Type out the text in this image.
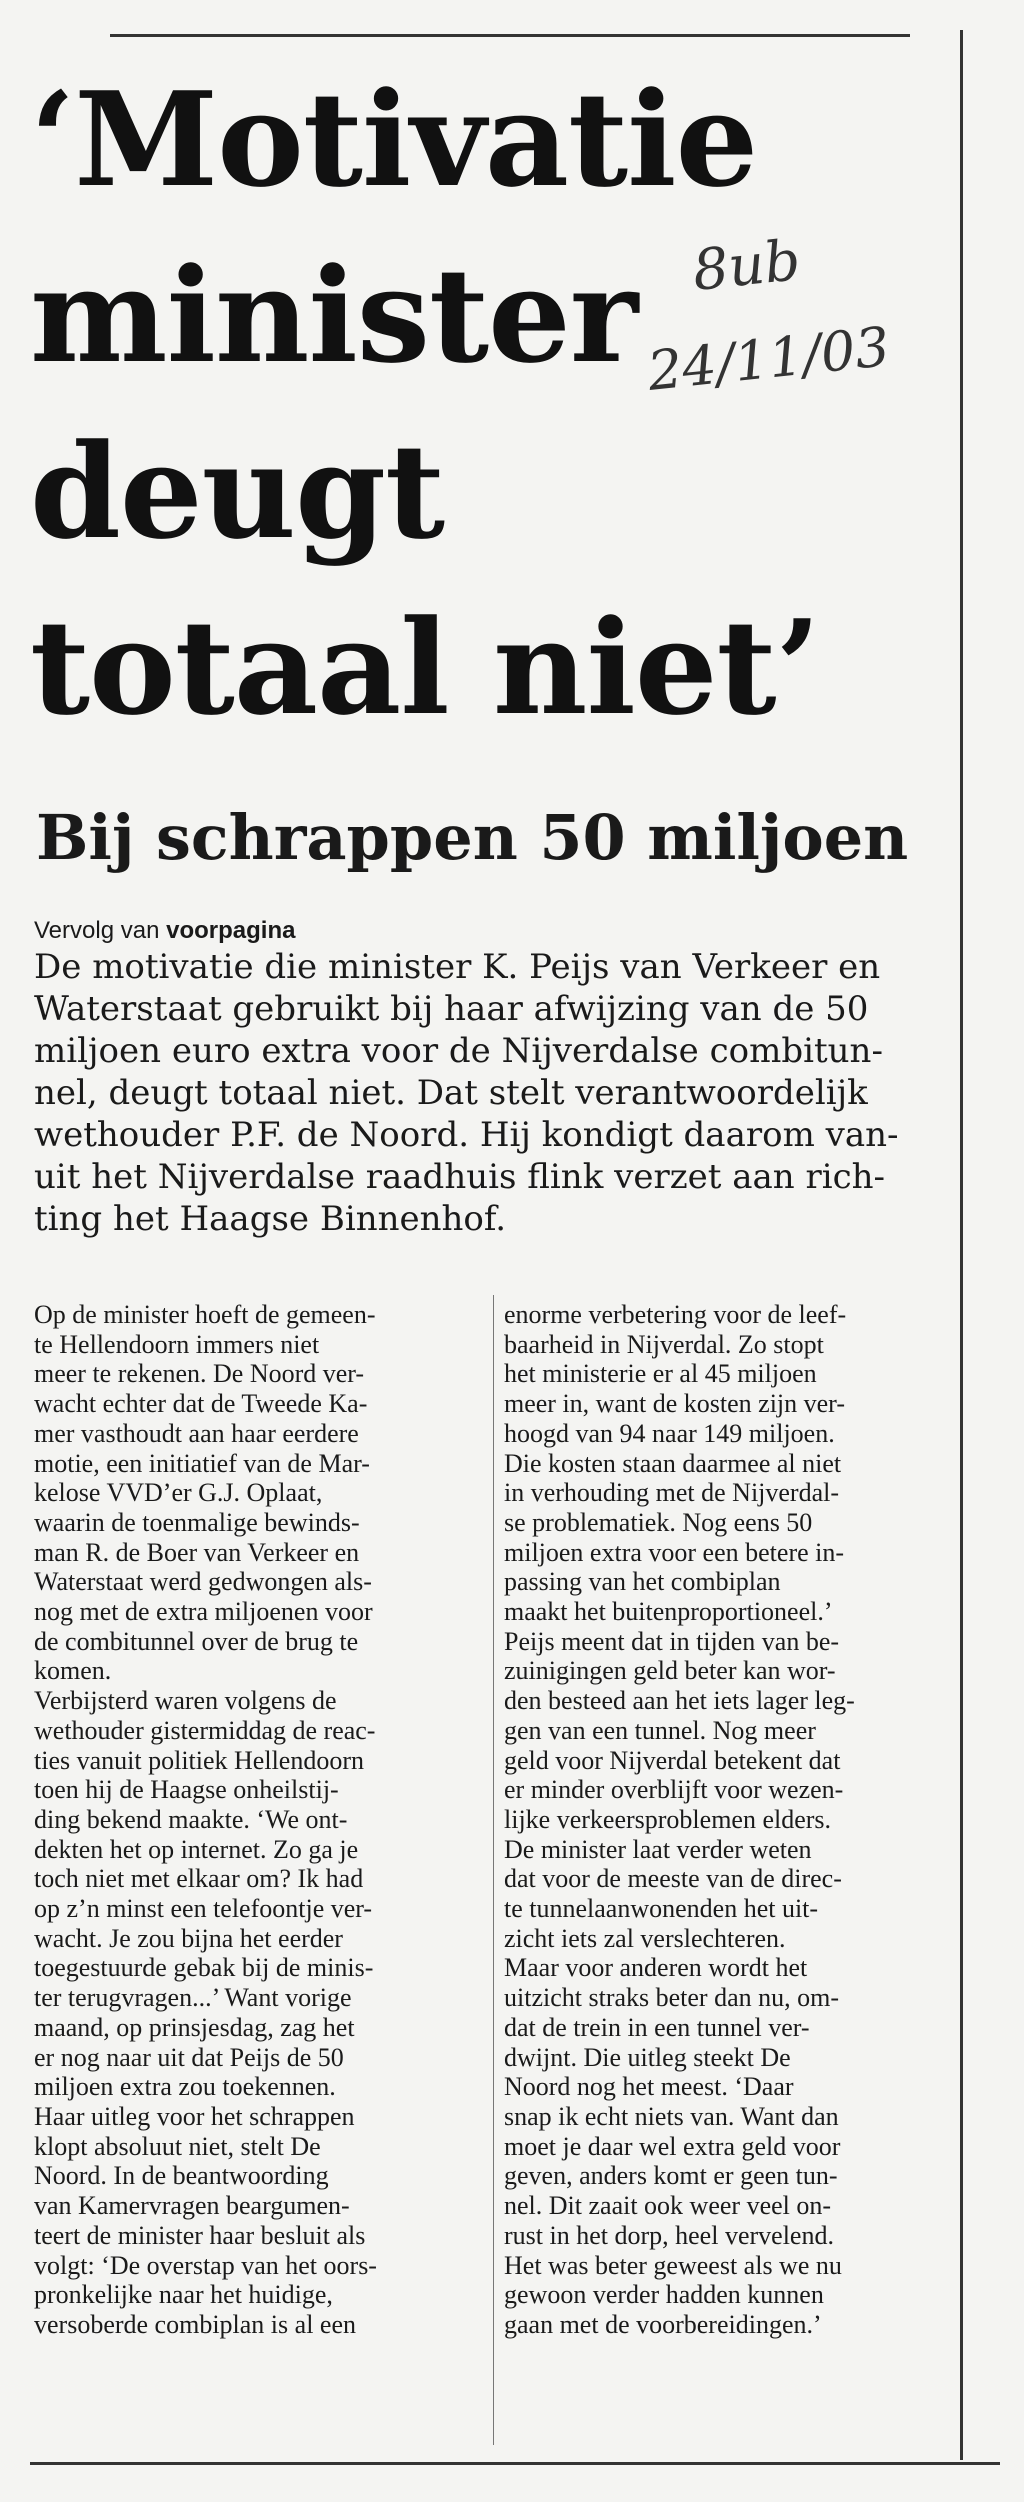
‘Motivatie
minister
deugt
totaal niet’
8ub
24/11/03
Bij schrappen 50 miljoen
Vervolg van voorpagina

De motivatie die minister K. Peijs van Verkeer en
Waterstaat gebruikt bij haar afwijzing van de 50
miljoen euro extra voor de Nijverdalse combitun-
nel, deugt totaal niet. Dat stelt verantwoordelijk
wethouder P.F. de Noord. Hij kondigt daarom van-
uit het Nijverdalse raadhuis flink verzet aan rich-
ting het Haagse Binnenhof.

Op de minister hoeft de gemeen-
te Hellendoorn immers niet
meer te rekenen. De Noord ver-
wacht echter dat de Tweede Ka-
mer vasthoudt aan haar eerdere
motie, een initiatief van de Mar-
kelose VVD’er G.J. Oplaat,
waarin de toenmalige bewinds-
man R. de Boer van Verkeer en
Waterstaat werd gedwongen als-
nog met de extra miljoenen voor
de combitunnel over de brug te
komen.
Verbijsterd waren volgens de
wethouder gistermiddag de reac-
ties vanuit politiek Hellendoorn
toen hij de Haagse onheilstij-
ding bekend maakte. ‘We ont-
dekten het op internet. Zo ga je
toch niet met elkaar om? Ik had
op z’n minst een telefoontje ver-
wacht. Je zou bijna het eerder
toegestuurde gebak bij de minis-
ter terugvragen...’ Want vorige
maand, op prinsjesdag, zag het
er nog naar uit dat Peijs de 50
miljoen extra zou toekennen.
Haar uitleg voor het schrappen
klopt absoluut niet, stelt De
Noord. In de beantwoording
van Kamervragen beargumen-
teert de minister haar besluit als
volgt: ‘De overstap van het oors-
pronkelijke naar het huidige,
versoberde combiplan is al een
enorme verbetering voor de leef-
baarheid in Nijverdal. Zo stopt
het ministerie er al 45 miljoen
meer in, want de kosten zijn ver-
hoogd van 94 naar 149 miljoen.
Die kosten staan daarmee al niet
in verhouding met de Nijverdal-
se problematiek. Nog eens 50
miljoen extra voor een betere in-
passing van het combiplan
maakt het buitenproportioneel.’
Peijs meent dat in tijden van be-
zuinigingen geld beter kan wor-
den besteed aan het iets lager leg-
gen van een tunnel. Nog meer
geld voor Nijverdal betekent dat
er minder overblijft voor wezen-
lijke verkeersproblemen elders.
De minister laat verder weten
dat voor de meeste van de direc-
te tunnelaanwonenden het uit-
zicht iets zal verslechteren.
Maar voor anderen wordt het
uitzicht straks beter dan nu, om-
dat de trein in een tunnel ver-
dwijnt. Die uitleg steekt De
Noord nog het meest. ‘Daar
snap ik echt niets van. Want dan
moet je daar wel extra geld voor
geven, anders komt er geen tun-
nel. Dit zaait ook weer veel on-
rust in het dorp, heel vervelend.
Het was beter geweest als we nu
gewoon verder hadden kunnen
gaan met de voorbereidingen.’
